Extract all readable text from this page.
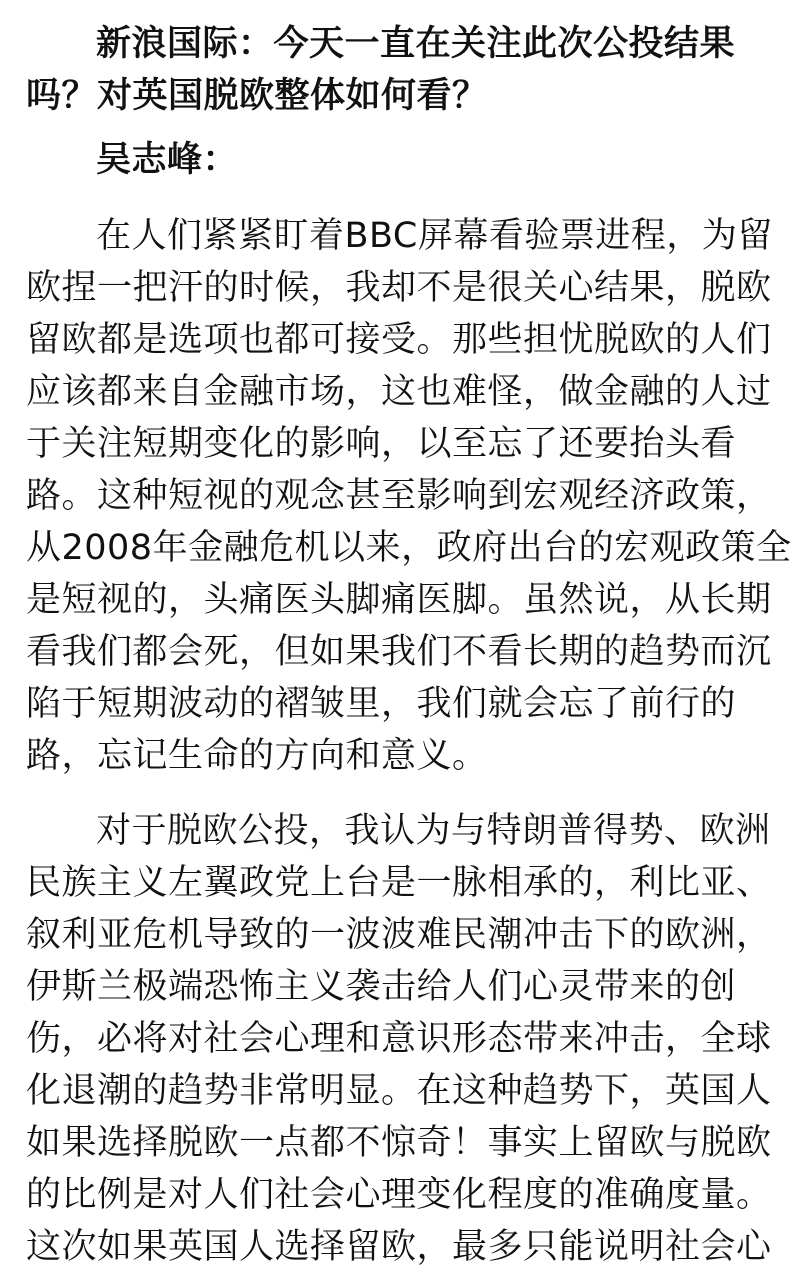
新浪国际：今天一直在关注此次公投结果
吗？对英国脱欧整体如何看？
吴志峰：
在人们紧紧盯着BBC屏幕看验票进程，为留
欧捏一把汗的时候，我却不是很关心结果，脱欧
留欧都是选项也都可接受。那些担忧脱欧的人们
应该都来自金融市场，这也难怪，做金融的人过
于关注短期变化的影响，以至忘了还要抬头看
路。这种短视的观念甚至影响到宏观经济政策，
从2008年金融危机以来，政府出台的宏观政策全
是短视的，头痛医头脚痛医脚。虽然说，从长期
看我们都会死，但如果我们不看长期的趋势而沉
陷于短期波动的褶皱里，我们就会忘了前行的
路，忘记生命的方向和意义。
对于脱欧公投，我认为与特朗普得势、欧洲
民族主义左翼政党上台是一脉相承的，利比亚、
叙利亚危机导致的一波波难民潮冲击下的欧洲，
伊斯兰极端恐怖主义袭击给人们心灵带来的创
伤，必将对社会心理和意识形态带来冲击，全球
化退潮的趋势非常明显。在这种趋势下，英国人
如果选择脱欧一点都不惊奇！事实上留欧与脱欧
的比例是对人们社会心理变化程度的准确度量。
这次如果英国人选择留欧，最多只能说明社会心
